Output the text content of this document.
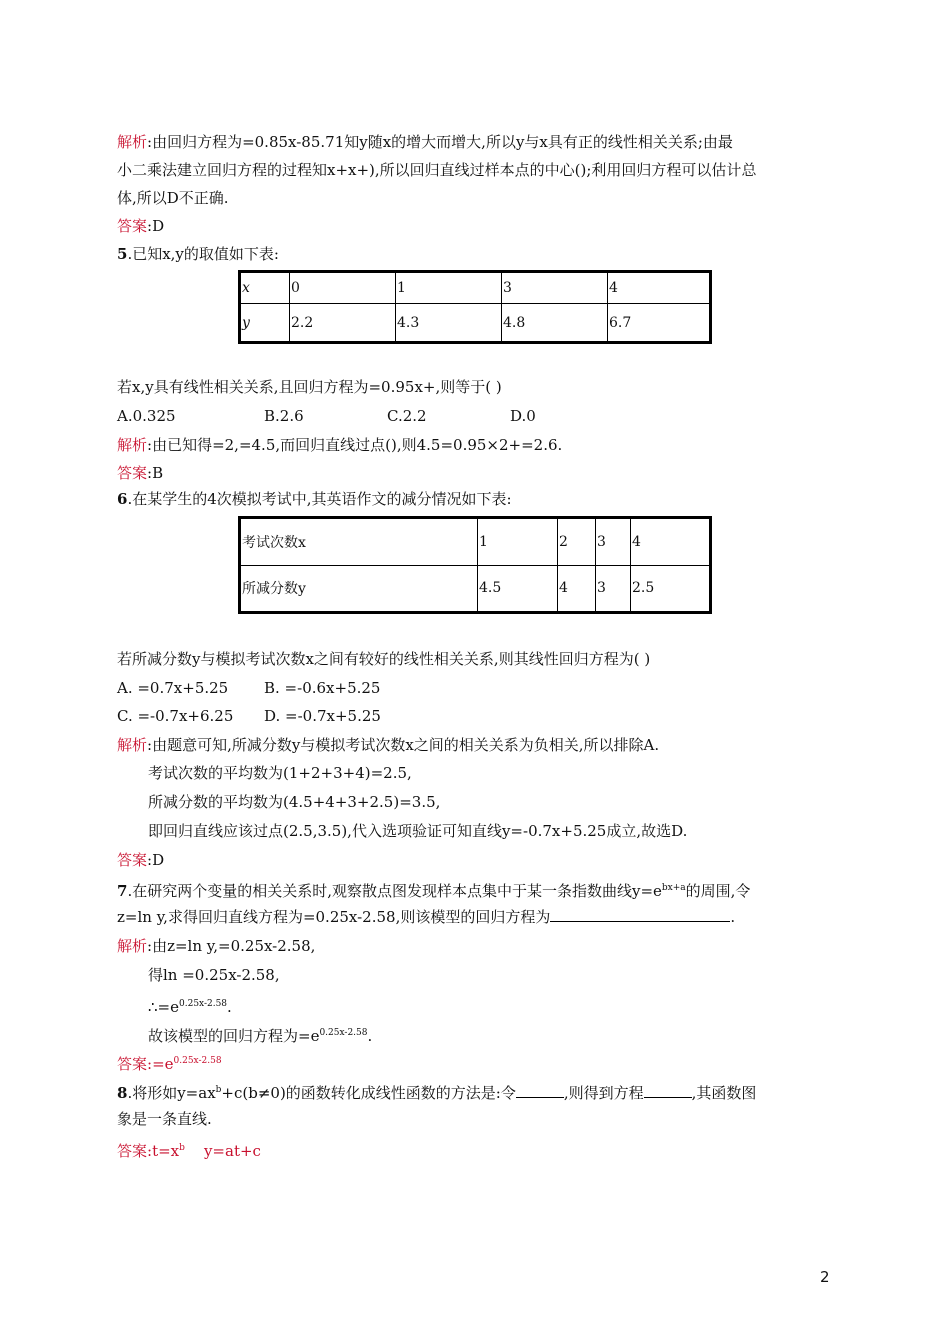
解析:由回归方程为=0.85x-85.71知y随x的增大而增大,所以y与x具有正的线性相关关系;由最
小二乘法建立回归方程的过程知x+x+),所以回归直线过样本点的中心();利用回归方程可以估计总
体,所以D不正确.
答案:D
5.已知x,y的取值如下表:
x	0	1	3	4
y	2.2	4.3	4.8	6.7
若x,y具有线性相关关系,且回归方程为=0.95x+,则等于( )
A.0.325	B.2.6	C.2.2	D.0
解析:由已知得=2,=4.5,而回归直线过点(),则4.5=0.95×2+=2.6.
答案:B
6.在某学生的4次模拟考试中,其英语作文的减分情况如下表:
考试次数x	1	2	3	4
所减分数y	4.5	4	3	2.5
若所减分数y与模拟考试次数x之间有较好的线性相关关系,则其线性回归方程为( )
A. =0.7x+5.25 B. =-0.6x+5.25
C. =-0.7x+6.25 D. =-0.7x+5.25
解析:由题意可知,所减分数y与模拟考试次数x之间的相关关系为负相关,所以排除A.
考试次数的平均数为(1+2+3+4)=2.5,
所减分数的平均数为(4.5+4+3+2.5)=3.5,
即回归直线应该过点(2.5,3.5),代入选项验证可知直线y=-0.7x+5.25成立,故选D.
答案:D
7.在研究两个变量的相关关系时,观察散点图发现样本点集中于某一条指数曲线$y=e^{bx+a}$的周围,令
z=ln y,求得回归直线方程为=0.25x-2.58,则该模型的回归方程为	.
解析:由z=ln y,=0.25x-2.58,
得ln =0.25x-2.58,
$\therefore=e^{0.25x-2.58}$.
故该模型的回归方程为$=e^{0.25x-2.58}$.
答案$:=e^{0.25x-2.58}$
8.将形如$y=ax^b+c(b\ne 0)$的函数转化成线性函数的方法是:令	,则得到方程	,其函数图
象是一条直线.
答案$:t=x^b$    y=at+c
2
